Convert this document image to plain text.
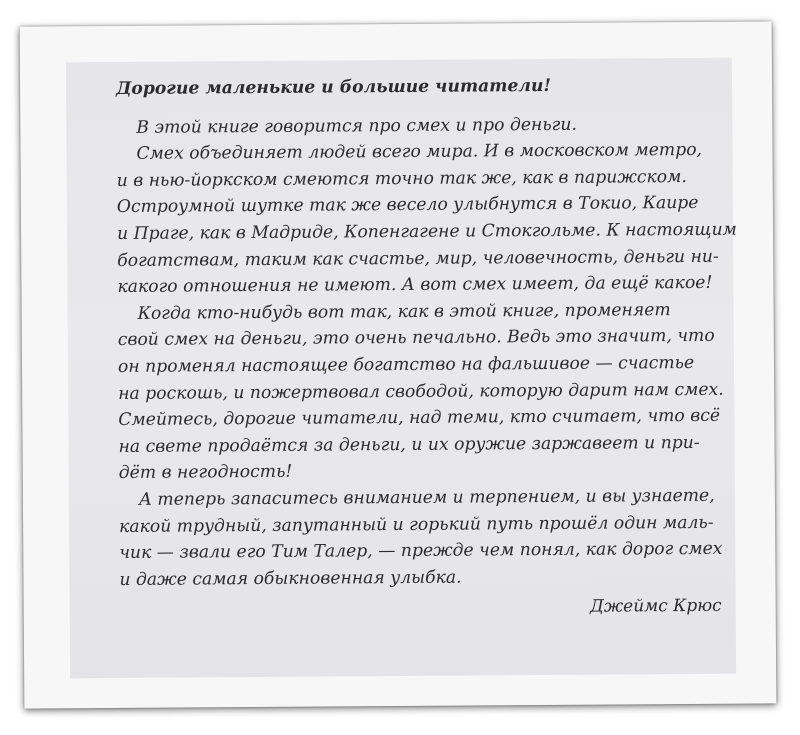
Дорогие маленькие и большие читатели!
В этой книге говорится про смех и про деньги.
Смех объединяет людей всего мира. И в московском метро,
и в нью-йоркском смеются точно так же, как в парижском.
Остроумной шутке так же весело улыбнутся в Токио, Каире
и Праге, как в Мадриде, Копенгагене и Стокгольме. К настоящим
богатствам, таким как счастье, мир, человечность, деньги ни-
какого отношения не имеют. А вот смех имеет, да ещё какое!
Когда кто-нибудь вот так, как в этой книге, променяет
свой смех на деньги, это очень печально. Ведь это значит, что
он променял настоящее богатство на фальшивое — счастье
на роскошь, и пожертвовал свободой, которую дарит нам смех.
Смейтесь, дорогие читатели, над теми, кто считает, что всё
на свете продаётся за деньги, и их оружие заржавеет и при-
дёт в негодность!
А теперь запаситесь вниманием и терпением, и вы узнаете,
какой трудный, запутанный и горький путь прошёл один маль-
чик — звали его Тим Талер, — прежде чем понял, как дорог смех
и даже самая обыкновенная улыбка.
Джеймс Крюс
